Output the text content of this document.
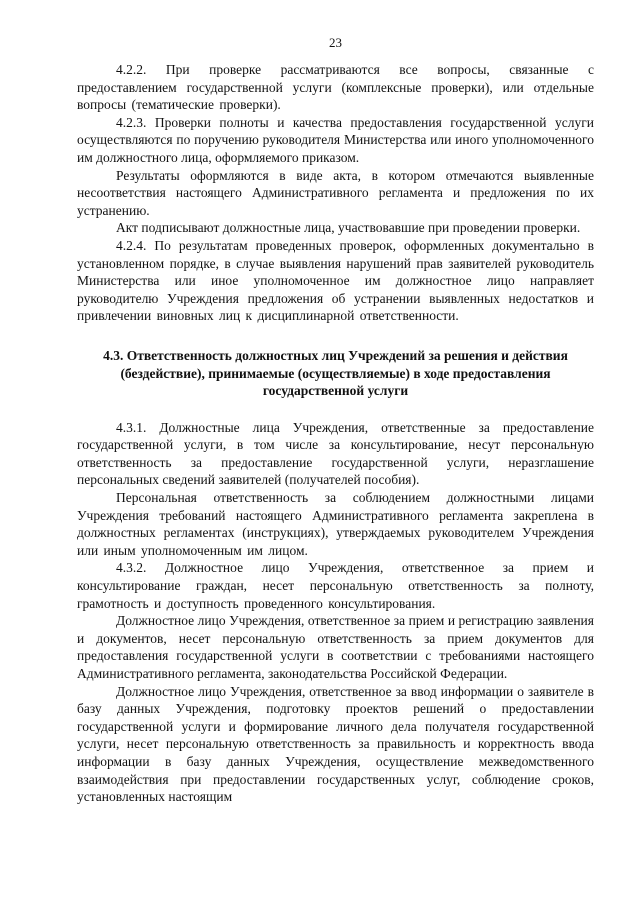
23

4.2.2. При проверке рассматриваются все вопросы, связанные с предоставлением государственной услуги (комплексные проверки), или отдельные вопросы (тематические проверки).

4.2.3. Проверки полноты и качества предоставления государственной услуги осуществляются по поручению руководителя Министерства или иного уполномоченного им должностного лица, оформляемого приказом.

Результаты оформляются в виде акта, в котором отмечаются выявленные несоответствия настоящего Административного регламента и предложения по их устранению.

Акт подписывают должностные лица, участвовавшие при проведении проверки.

4.2.4. По результатам проведенных проверок, оформленных документально в установленном порядке, в случае выявления нарушений прав заявителей руководитель Министерства или иное уполномоченное им должностное лицо направляет руководителю Учреждения предложения об устранении выявленных недостатков и привлечении виновных лиц к дисциплинарной ответственности.

4.3. Ответственность должностных лиц Учреждений за решения и действия (бездействие), принимаемые (осуществляемые) в ходе предоставления государственной услуги

4.3.1. Должностные лица Учреждения, ответственные за предоставление государственной услуги, в том числе за консультирование, несут персональную ответственность за предоставление государственной услуги, неразглашение персональных сведений заявителей (получателей пособия).

Персональная ответственность за соблюдением должностными лицами Учреждения требований настоящего Административного регламента закреплена в должностных регламентах (инструкциях), утверждаемых руководителем Учреждения или иным уполномоченным им лицом.

4.3.2. Должностное лицо Учреждения, ответственное за прием и консультирование граждан, несет персональную ответственность за полноту, грамотность и доступность проведенного консультирования.

Должностное лицо Учреждения, ответственное за прием и регистрацию заявления и документов, несет персональную ответственность за прием документов для предоставления государственной услуги в соответствии с требованиями настоящего Административного регламента, законодательства Российской Федерации.

Должностное лицо Учреждения, ответственное за ввод информации о заявителе в базу данных Учреждения, подготовку проектов решений о предоставлении государственной услуги и формирование личного дела получателя государственной услуги, несет персональную ответственность за правильность и корректность ввода информации в базу данных Учреждения, осуществление межведомственного взаимодействия при предоставлении государственных услуг, соблюдение сроков, установленных настоящим
